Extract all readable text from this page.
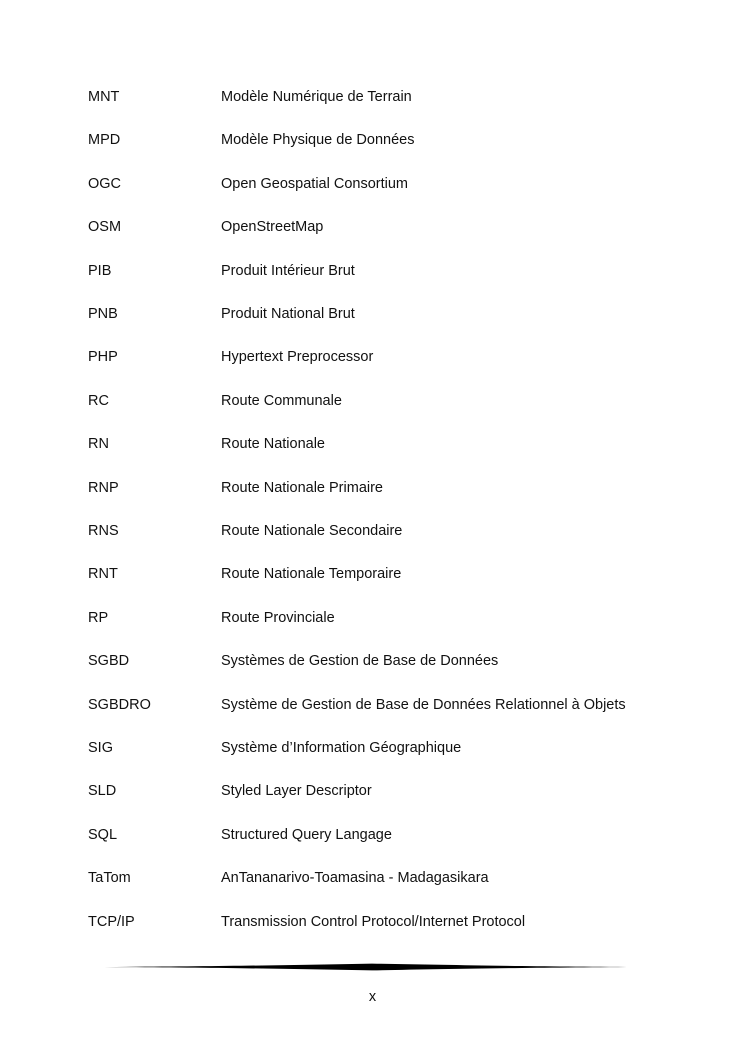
MNT	Modèle Numérique de Terrain
MPD	Modèle Physique de Données
OGC	Open Geospatial Consortium
OSM	OpenStreetMap
PIB	Produit Intérieur Brut
PNB	Produit National Brut
PHP	Hypertext Preprocessor
RC	Route Communale
RN	Route Nationale
RNP	Route Nationale Primaire
RNS	Route Nationale Secondaire
RNT	Route Nationale Temporaire
RP	Route Provinciale
SGBD	Systèmes de Gestion de Base de Données
SGBDRO	Système de Gestion de Base de Données Relationnel à Objets
SIG	Système d’Information Géographique
SLD	Styled Layer Descriptor
SQL	Structured Query Langage
TaTom	AnTananarivo-Toamasina - Madagasikara
TCP/IP	Transmission Control Protocol/Internet Protocol
x
